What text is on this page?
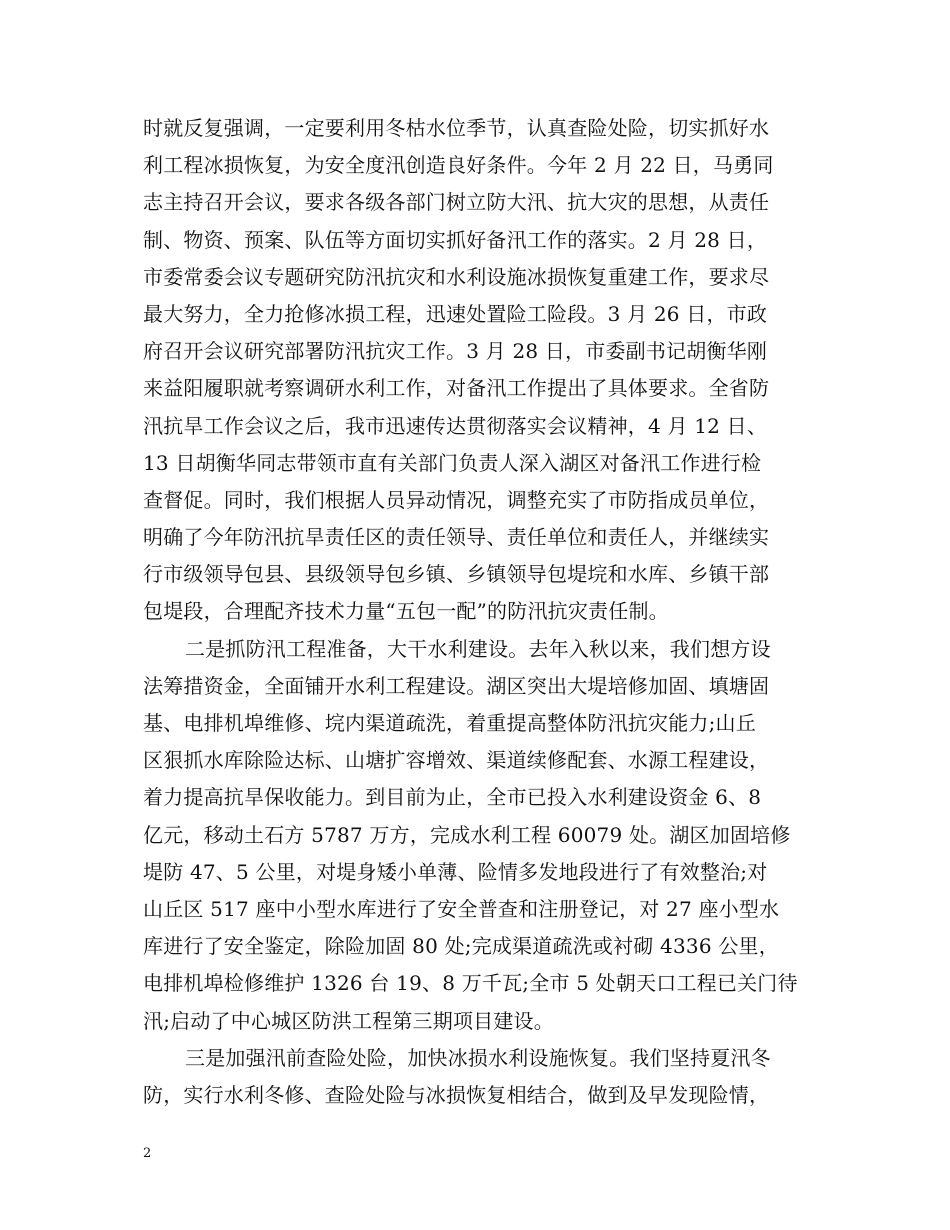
时就反复强调，一定要利用冬枯水位季节，认真查险处险，切实抓好水
利工程冰损恢复，为安全度汛创造良好条件。今年 2 月 22 日，马勇同
志主持召开会议，要求各级各部门树立防大汛、抗大灾的思想，从责任
制、物资、预案、队伍等方面切实抓好备汛工作的落实。2 月 28 日，
市委常委会议专题研究防汛抗灾和水利设施冰损恢复重建工作，要求尽
最大努力，全力抢修冰损工程，迅速处置险工险段。3 月 26 日，市政
府召开会议研究部署防汛抗灾工作。3 月 28 日，市委副书记胡衡华刚
来益阳履职就考察调研水利工作，对备汛工作提出了具体要求。全省防
汛抗旱工作会议之后，我市迅速传达贯彻落实会议精神，4 月 12 日、
13 日胡衡华同志带领市直有关部门负责人深入湖区对备汛工作进行检
查督促。同时，我们根据人员异动情况，调整充实了市防指成员单位，
明确了今年防汛抗旱责任区的责任领导、责任单位和责任人，并继续实
行市级领导包县、县级领导包乡镇、乡镇领导包堤垸和水库、乡镇干部
包堤段，合理配齐技术力量“五包一配”的防汛抗灾责任制。
二是抓防汛工程准备，大干水利建设。去年入秋以来，我们想方设
法筹措资金，全面铺开水利工程建设。湖区突出大堤培修加固、填塘固
基、电排机埠维修、垸内渠道疏洗，着重提高整体防汛抗灾能力;山丘
区狠抓水库除险达标、山塘扩容增效、渠道续修配套、水源工程建设，
着力提高抗旱保收能力。到目前为止，全市已投入水利建设资金 6、8
亿元，移动土石方 5787 万方，完成水利工程 60079 处。湖区加固培修
堤防 47、5 公里，对堤身矮小单薄、险情多发地段进行了有效整治;对
山丘区 517 座中小型水库进行了安全普查和注册登记，对 27 座小型水
库进行了安全鉴定，除险加固 80 处;完成渠道疏洗或衬砌 4336 公里，
电排机埠检修维护 1326 台 19、8 万千瓦;全市 5 处朝天口工程已关门待
汛;启动了中心城区防洪工程第三期项目建设。
三是加强汛前查险处险，加快冰损水利设施恢复。我们坚持夏汛冬
防，实行水利冬修、查险处险与冰损恢复相结合，做到及早发现险情，
2
